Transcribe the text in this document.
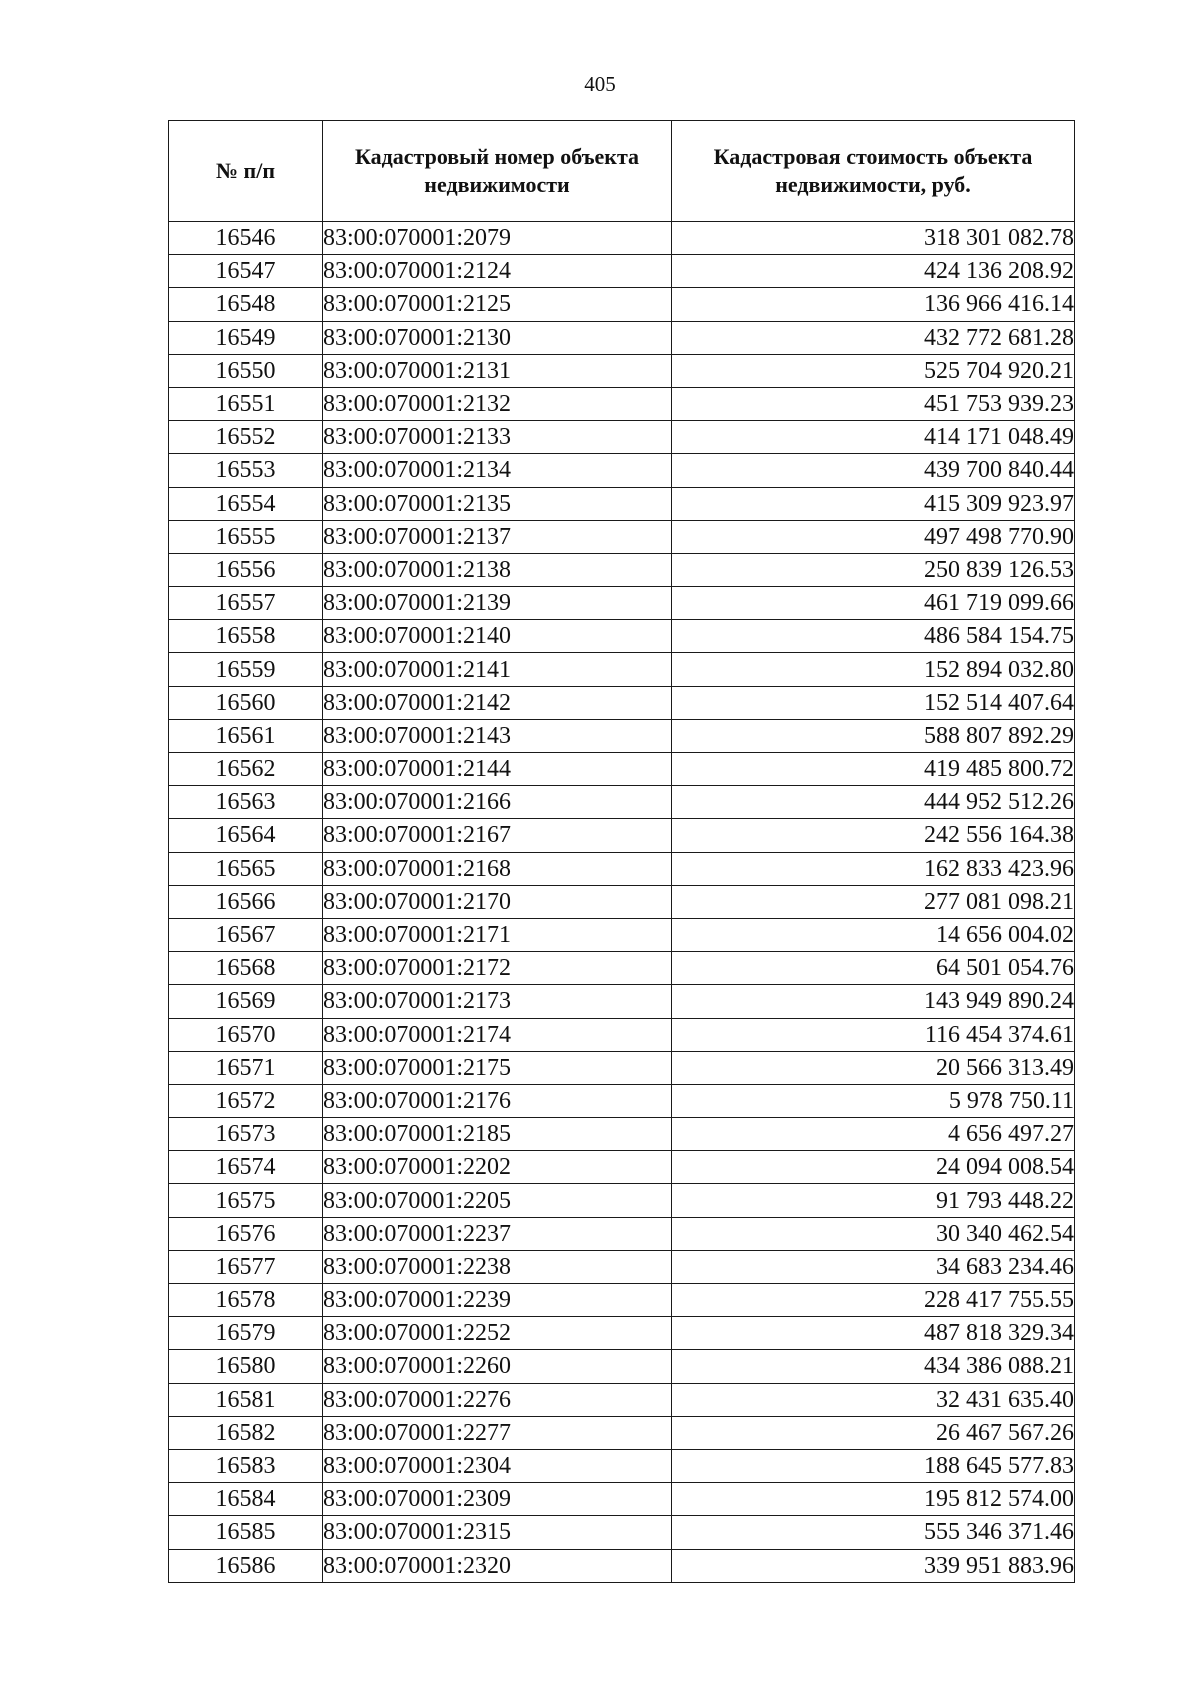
405
№ п/п	Кадастровый номер объекта недвижимости	Кадастровая стоимость объекта недвижимости, руб.
16546	83:00:070001:2079	318 301 082.78
16547	83:00:070001:2124	424 136 208.92
16548	83:00:070001:2125	136 966 416.14
16549	83:00:070001:2130	432 772 681.28
16550	83:00:070001:2131	525 704 920.21
16551	83:00:070001:2132	451 753 939.23
16552	83:00:070001:2133	414 171 048.49
16553	83:00:070001:2134	439 700 840.44
16554	83:00:070001:2135	415 309 923.97
16555	83:00:070001:2137	497 498 770.90
16556	83:00:070001:2138	250 839 126.53
16557	83:00:070001:2139	461 719 099.66
16558	83:00:070001:2140	486 584 154.75
16559	83:00:070001:2141	152 894 032.80
16560	83:00:070001:2142	152 514 407.64
16561	83:00:070001:2143	588 807 892.29
16562	83:00:070001:2144	419 485 800.72
16563	83:00:070001:2166	444 952 512.26
16564	83:00:070001:2167	242 556 164.38
16565	83:00:070001:2168	162 833 423.96
16566	83:00:070001:2170	277 081 098.21
16567	83:00:070001:2171	14 656 004.02
16568	83:00:070001:2172	64 501 054.76
16569	83:00:070001:2173	143 949 890.24
16570	83:00:070001:2174	116 454 374.61
16571	83:00:070001:2175	20 566 313.49
16572	83:00:070001:2176	5 978 750.11
16573	83:00:070001:2185	4 656 497.27
16574	83:00:070001:2202	24 094 008.54
16575	83:00:070001:2205	91 793 448.22
16576	83:00:070001:2237	30 340 462.54
16577	83:00:070001:2238	34 683 234.46
16578	83:00:070001:2239	228 417 755.55
16579	83:00:070001:2252	487 818 329.34
16580	83:00:070001:2260	434 386 088.21
16581	83:00:070001:2276	32 431 635.40
16582	83:00:070001:2277	26 467 567.26
16583	83:00:070001:2304	188 645 577.83
16584	83:00:070001:2309	195 812 574.00
16585	83:00:070001:2315	555 346 371.46
16586	83:00:070001:2320	339 951 883.96
